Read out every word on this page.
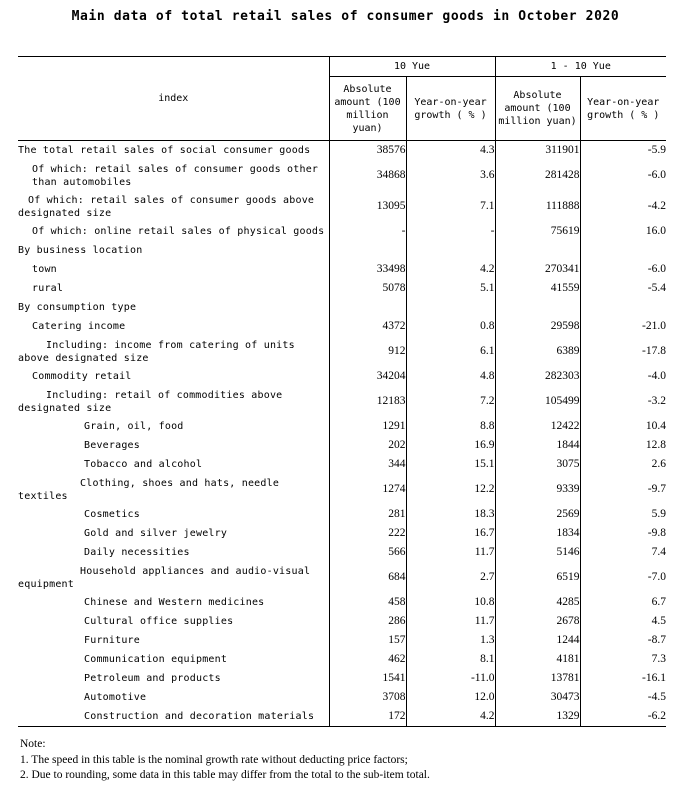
Main data of total retail sales of consumer goods in October 2020
index	10 Yue		1 - 10 Yue	
	Absolute amount (100 million yuan)	Year-on-year growth ( % )	Absolute amount (100 million yuan)	Year-on-year growth ( % )
The total retail sales of social consumer goods	38576	4.3	311901	-5.9
Of which: retail sales of consumer goods other than automobiles	34868	3.6	281428	-6.0
Of which: retail sales of consumer goods above designated size	13095	7.1	111888	-4.2
Of which: online retail sales of physical goods	-	-	75619	16.0
By business location				
town	33498	4.2	270341	-6.0
rural	5078	5.1	41559	-5.4
By consumption type				
Catering income	4372	0.8	29598	-21.0
Including: income from catering of units above designated size	912	6.1	6389	-17.8
Commodity retail	34204	4.8	282303	-4.0
Including: retail of commodities above designated size	12183	7.2	105499	-3.2
Grain, oil, food	1291	8.8	12422	10.4
Beverages	202	16.9	1844	12.8
Tobacco and alcohol	344	15.1	3075	2.6
Clothing, shoes and hats, needle textiles	1274	12.2	9339	-9.7
Cosmetics	281	18.3	2569	5.9
Gold and silver jewelry	222	16.7	1834	-9.8
Daily necessities	566	11.7	5146	7.4
Household appliances and audio-visual equipment	684	2.7	6519	-7.0
Chinese and Western medicines	458	10.8	4285	6.7
Cultural office supplies	286	11.7	2678	4.5
Furniture	157	1.3	1244	-8.7
Communication equipment	462	8.1	4181	7.3
Petroleum and products	1541	-11.0	13781	-16.1
Automotive	3708	12.0	30473	-4.5
Construction and decoration materials	172	4.2	1329	-6.2
Note:
1. The speed in this table is the nominal growth rate without deducting price factors;
2. Due to rounding, some data in this table may differ from the total to the sub-item total.
